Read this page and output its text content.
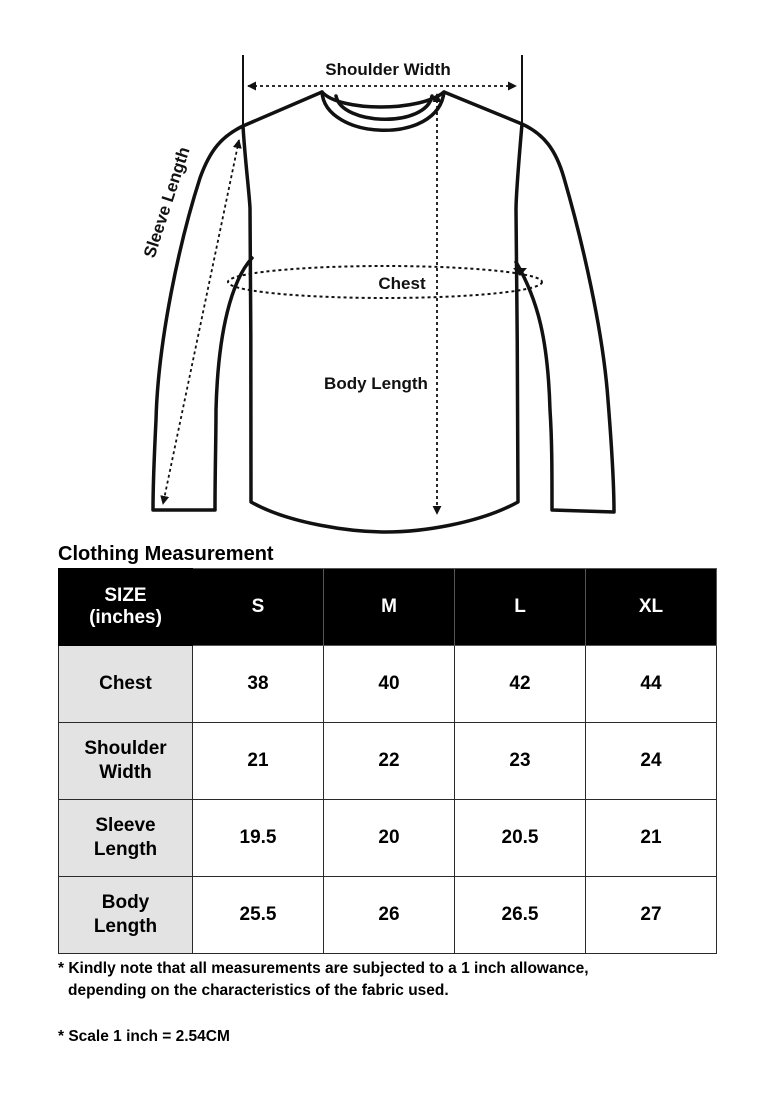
Shoulder Width
Sleeve Length
Chest
Body Length
Clothing Measurement
SIZE
(inches)	S	M	L	XL
Chest	38	40	42	44
Shoulder
Width	21	22	23	24
Sleeve
Length	19.5	20	20.5	21
Body
Length	25.5	26	26.5	27

* Kindly note that all measurements are subjected to a 1 inch allowance,
depending on the characteristics of the fabric used.

* Scale 1 inch = 2.54CM
